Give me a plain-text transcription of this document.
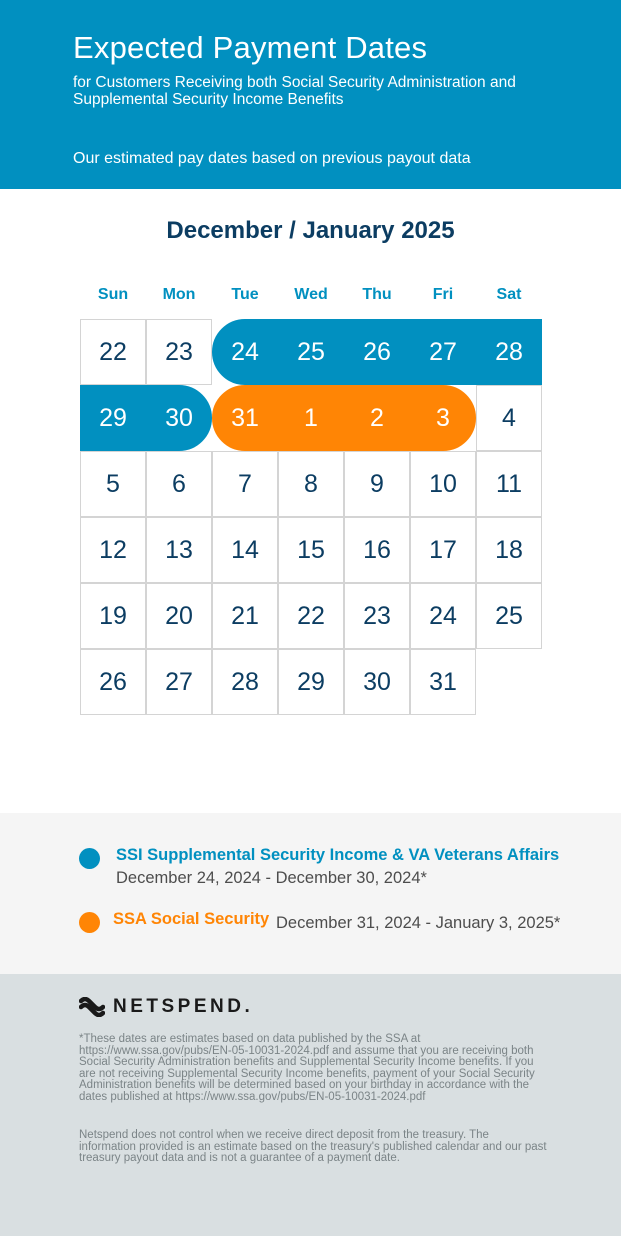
Expected Payment Dates
for Customers Receiving both Social Security Administration and Supplemental Security Income Benefits
Our estimated pay dates based on previous payout data
December / January 2025
Sun	Mon	Tue	Wed	Thu	Fri	Sat
22	23	24	25	26	27	28
29	30	31	1	2	3	4
5	6	7	8	9	10	11
12	13	14	15	16	17	18
19	20	21	22	23	24	25
26	27	28	29	30	31
SSI Supplemental Security Income & VA Veterans Affairs
December 24, 2024 - December 30, 2024*
SSA Social Security December 31, 2024 - January 3, 2025*
NETSPEND.
*These dates are estimates based on data published by the SSA at https://www.ssa.gov/pubs/EN-05-10031-2024.pdf and assume that you are receiving both Social Security Administration benefits and Supplemental Security Income benefits. If you are not receiving Supplemental Security Income benefits, payment of your Social Security Administration benefits will be determined based on your birthday in accordance with the dates published at https://www.ssa.gov/pubs/EN-05-10031-2024.pdf
Netspend does not control when we receive direct deposit from the treasury. The information provided is an estimate based on the treasury's published calendar and our past treasury payout data and is not a guarantee of a payment date.
